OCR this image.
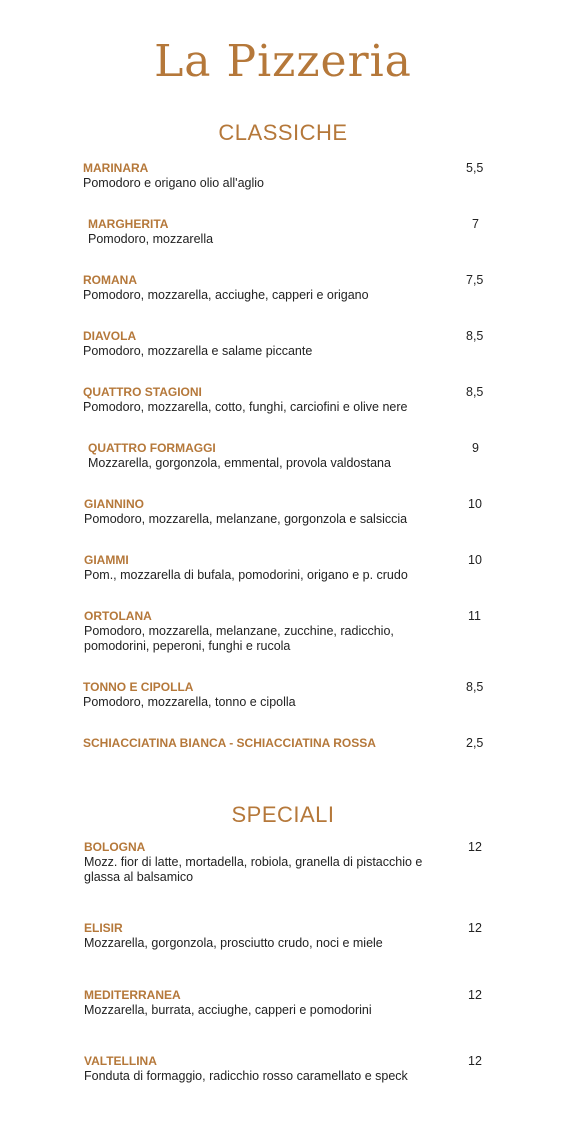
La Pizzeria
CLASSICHE
MARINARA
Pomodoro e origano olio all'aglio
5,5
MARGHERITA
Pomodoro, mozzarella
7
ROMANA
Pomodoro, mozzarella, acciughe, capperi e origano
7,5
DIAVOLA
Pomodoro, mozzarella e salame piccante
8,5
QUATTRO STAGIONI
Pomodoro, mozzarella, cotto, funghi, carciofini e olive nere
8,5
QUATTRO FORMAGGI
Mozzarella, gorgonzola, emmental, provola valdostana
9
GIANNINO
Pomodoro, mozzarella, melanzane, gorgonzola e salsiccia
10
GIAMMI
Pom., mozzarella di bufala, pomodorini, origano e p. crudo
10
ORTOLANA
Pomodoro, mozzarella, melanzane, zucchine, radicchio, pomodorini, peperoni, funghi e rucola
11
TONNO E CIPOLLA
Pomodoro, mozzarella, tonno e cipolla
8,5
SCHIACCIATINA BIANCA - SCHIACCIATINA ROSSA	2,5
SPECIALI
BOLOGNA
Mozz. fior di latte, mortadella, robiola, granella di pistacchio e glassa al balsamico
12
ELISIR
Mozzarella, gorgonzola, prosciutto crudo, noci e miele
12
MEDITERRANEA
Mozzarella, burrata, acciughe, capperi e pomodorini
12
VALTELLINA
Fonduta di formaggio, radicchio rosso caramellato e speck
12
